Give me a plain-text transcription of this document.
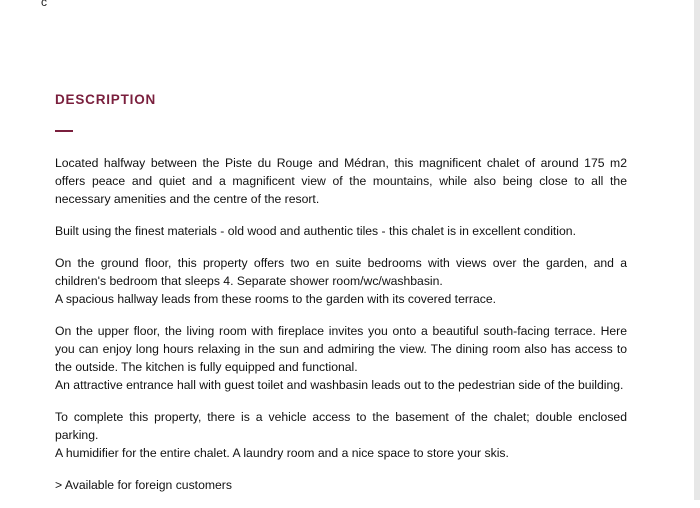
c
DESCRIPTION

Located halfway between the Piste du Rouge and Médran, this magnificent chalet of around 175 m2 offers peace and quiet and a magnificent view of the mountains, while also being close to all the necessary amenities and the centre of the resort.

Built using the finest materials - old wood and authentic tiles - this chalet is in excellent condition.

On the ground floor, this property offers two en suite bedrooms with views over the garden, and a children's bedroom that sleeps 4. Separate shower room/wc/washbasin.
A spacious hallway leads from these rooms to the garden with its covered terrace.

On the upper floor, the living room with fireplace invites you onto a beautiful south-facing terrace. Here you can enjoy long hours relaxing in the sun and admiring the view. The dining room also has access to the outside. The kitchen is fully equipped and functional.
An attractive entrance hall with guest toilet and washbasin leads out to the pedestrian side of the building.

To complete this property, there is a vehicle access to the basement of the chalet; double enclosed parking.
A humidifier for the entire chalet. A laundry room and a nice space to store your skis.

> Available for foreign customers
